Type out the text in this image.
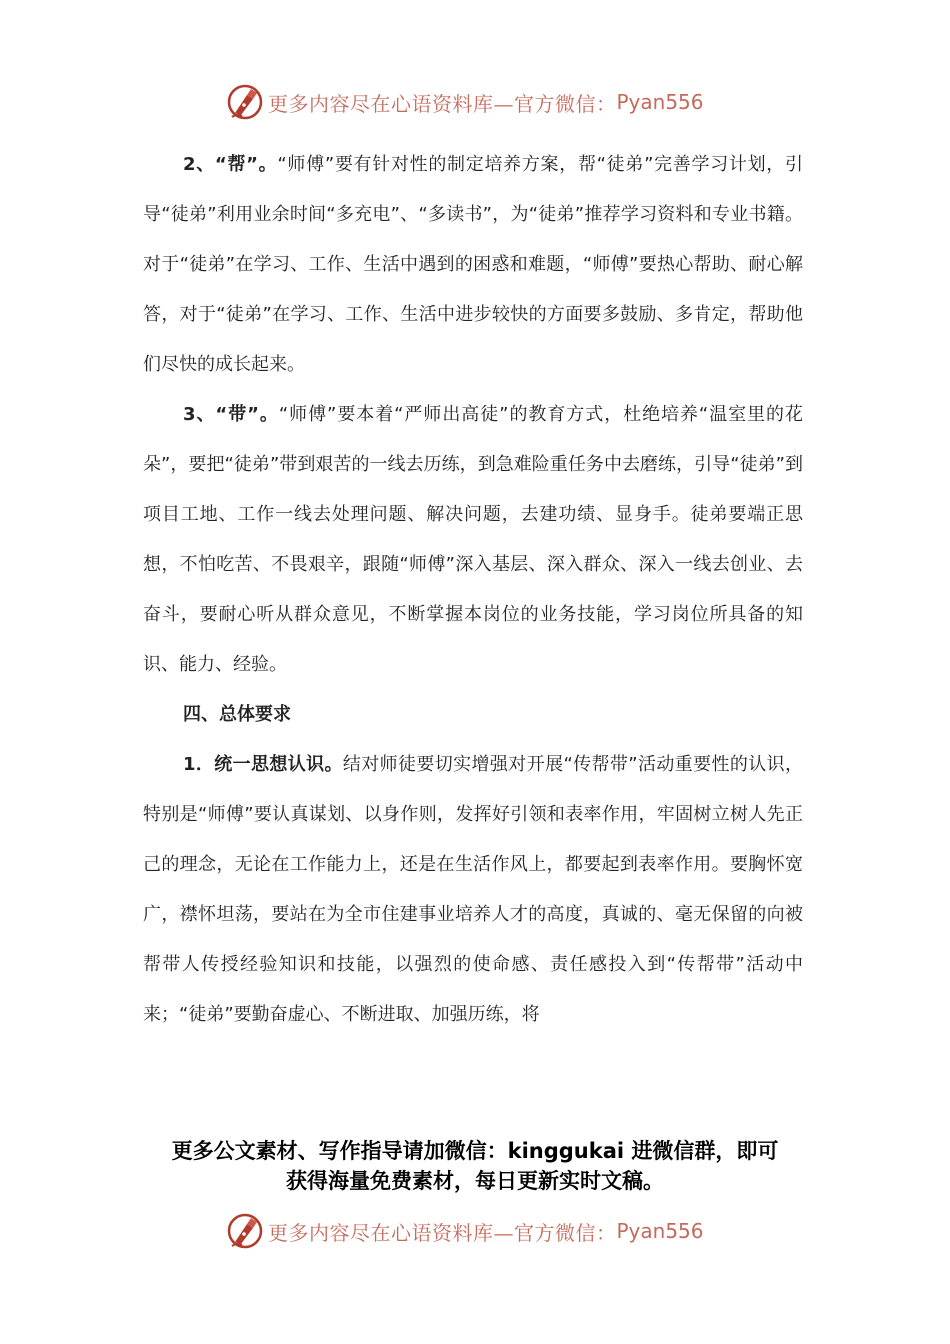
更多内容尽在心语资料库—官方微信： Pyan556

2、“帮”。“师傅”要有针对性的制定培养方案，帮“徒弟”完善学习计划，引导“徒弟”利用业余时间“多充电”、“多读书”，为“徒弟”推荐学习资料和专业书籍。对于“徒弟”在学习、工作、生活中遇到的困惑和难题，“师傅”要热心帮助、耐心解答，对于“徒弟”在学习、工作、生活中进步较快的方面要多鼓励、多肯定，帮助他们尽快的成长起来。

3、“带”。“师傅”要本着“严师出高徒”的教育方式，杜绝培养“温室里的花朵”，要把“徒弟”带到艰苦的一线去历练，到急难险重任务中去磨练，引导“徒弟”到项目工地、工作一线去处理问题、解决问题，去建功绩、显身手。徒弟要端正思想，不怕吃苦、不畏艰辛，跟随“师傅”深入基层、深入群众、深入一线去创业、去奋斗，要耐心听从群众意见，不断掌握本岗位的业务技能，学习岗位所具备的知识、能力、经验。

四、总体要求

1．统一思想认识。结对师徒要切实增强对开展“传帮带”活动重要性的认识，特别是“师傅”要认真谋划、以身作则，发挥好引领和表率作用，牢固树立树人先正己的理念，无论在工作能力上，还是在生活作风上，都要起到表率作用。要胸怀宽广，襟怀坦荡，要站在为全市住建事业培养人才的高度，真诚的、毫无保留的向被帮带人传授经验知识和技能，以强烈的使命感、责任感投入到“传帮带”活动中来；“徒弟”要勤奋虚心、不断进取、加强历练，将

更多公文素材、写作指导请加微信：kinggukai 进微信群，即可
获得海量免费素材，每日更新实时文稿。
更多内容尽在心语资料库—官方微信： Pyan556
